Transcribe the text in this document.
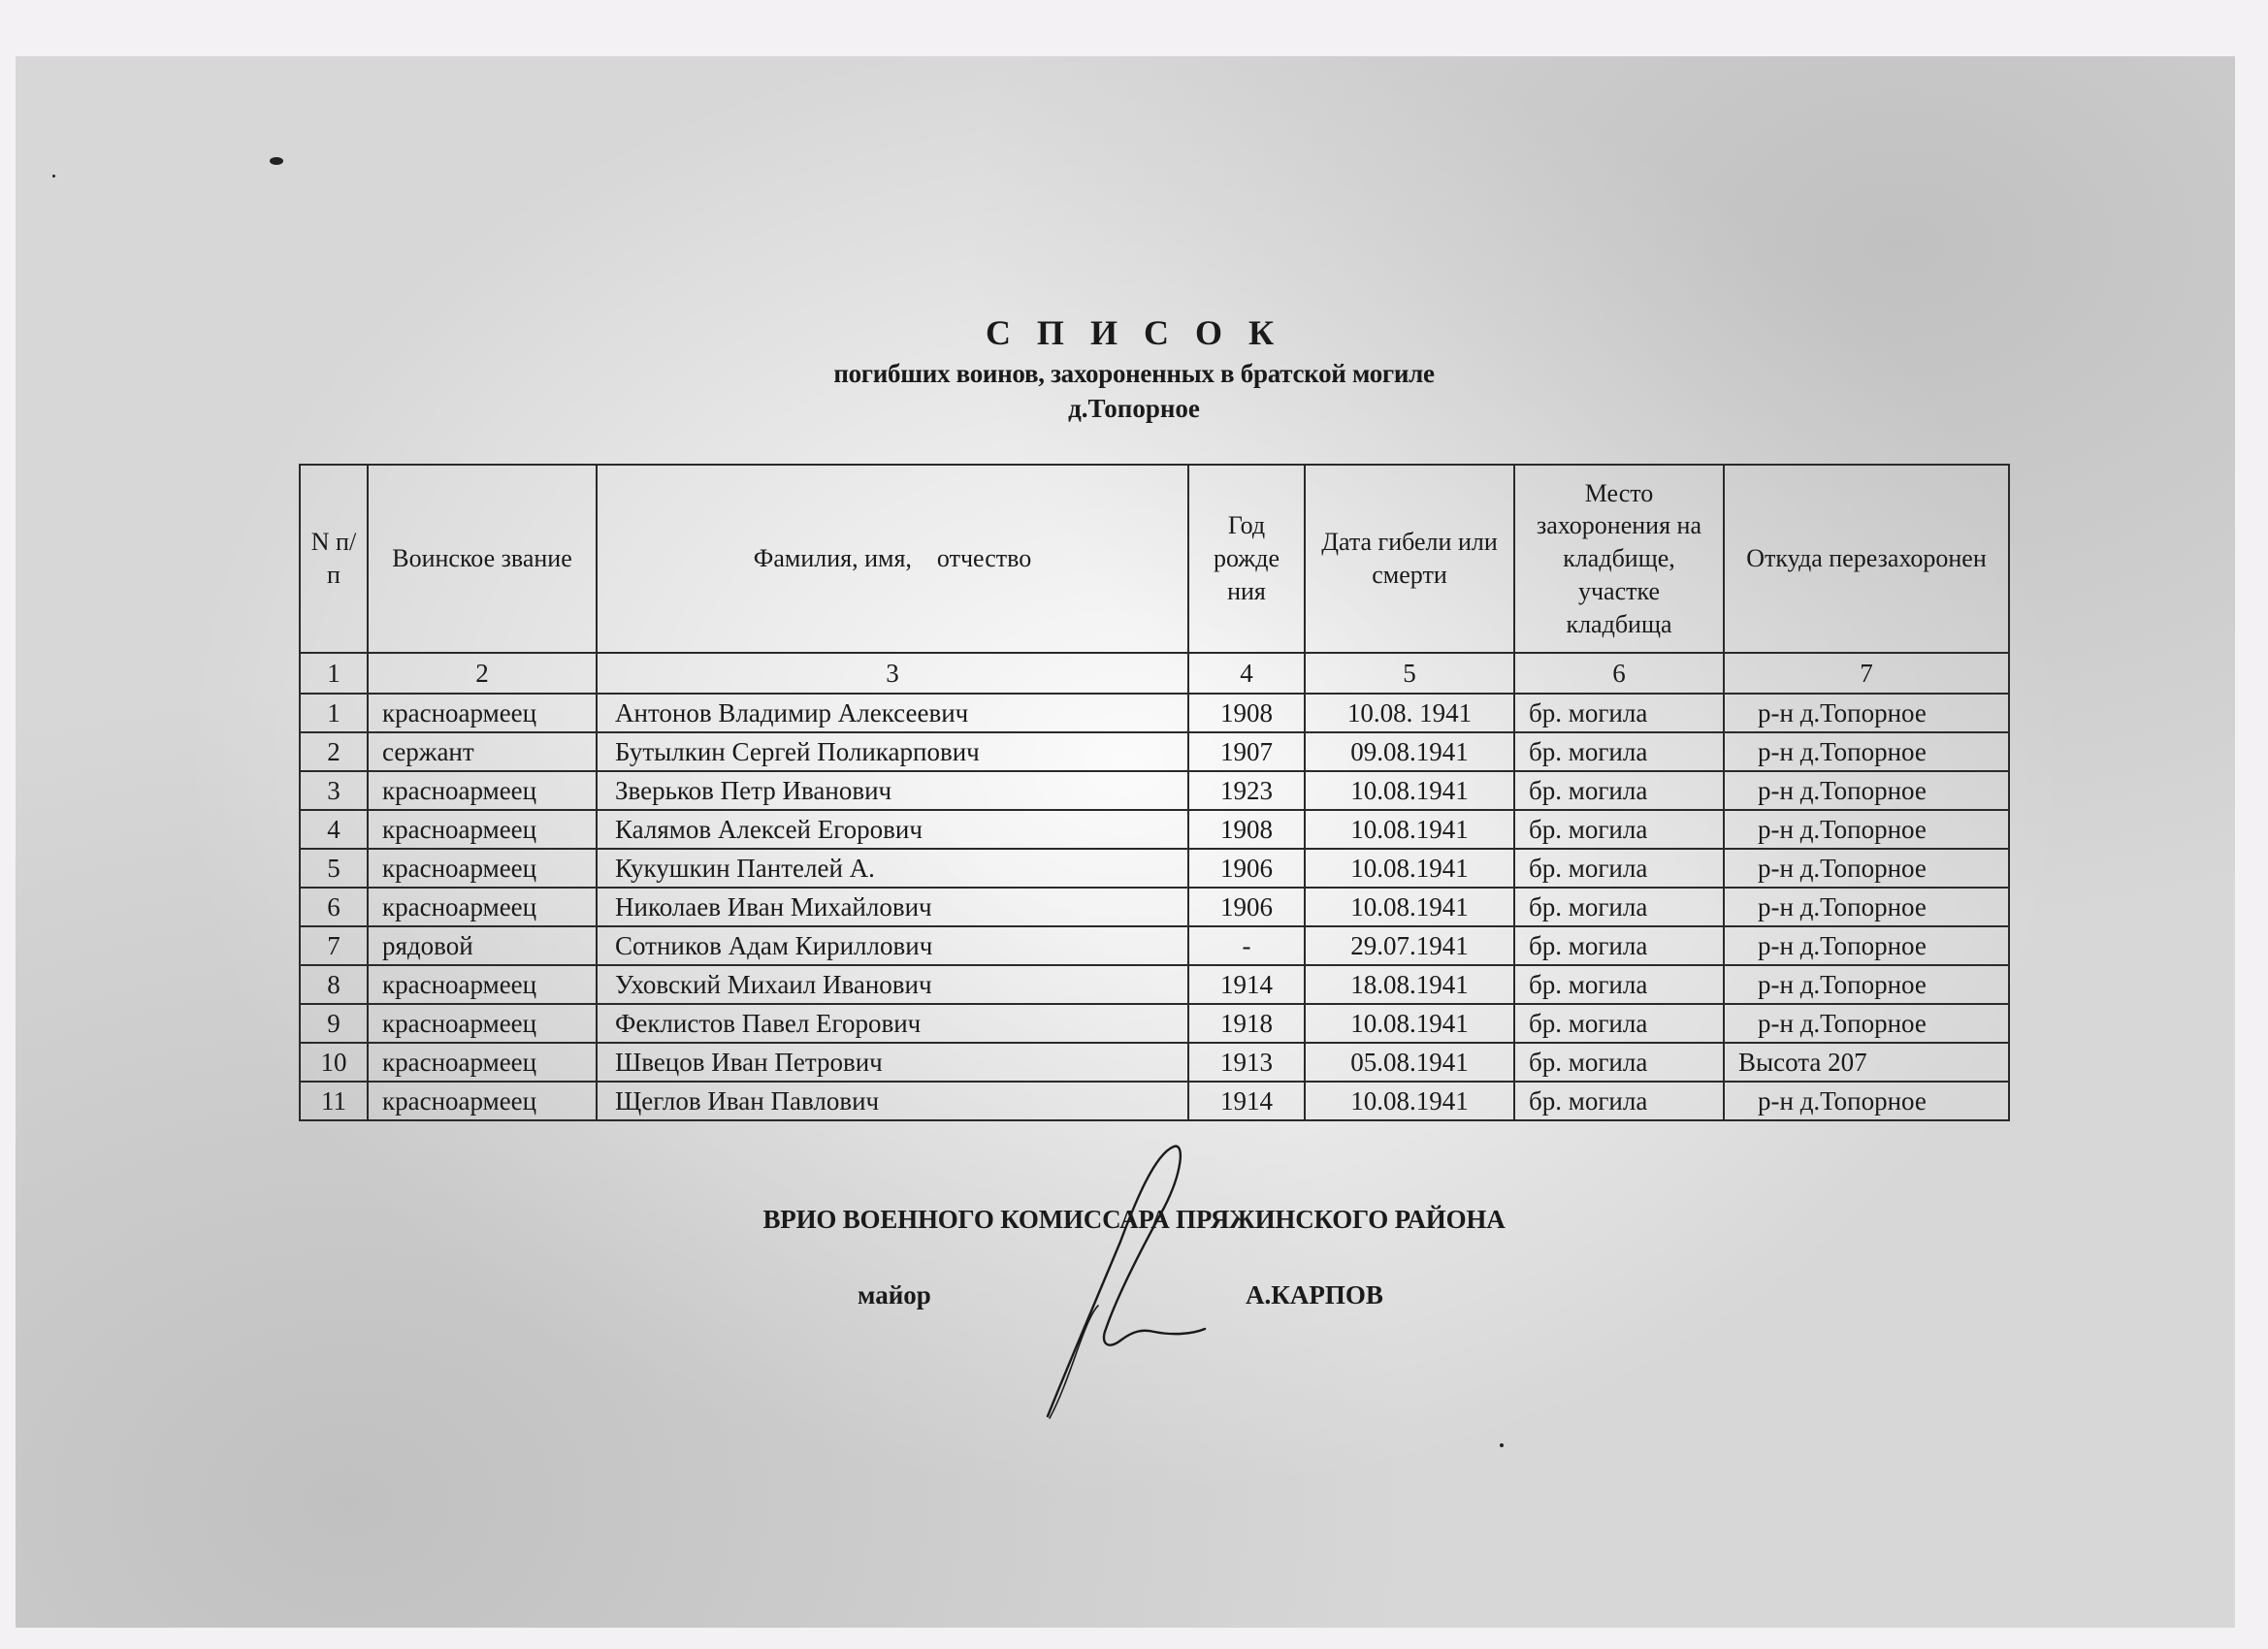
С П И С О К
погибших воинов, захороненных в братской могиле
д.Топорное
N п/п	Воинское звание	Фамилия, имя,    отчество	Год рожде ния	Дата гибели или смерти	Место захоронения на кладбище, участке кладбища	Откуда перезахоронен
1	2	3	4	5	6	7
1	красноармеец	Антонов Владимир Алексеевич	1908	10.08. 1941	бр. могила	р-н д.Топорное
2	сержант	Бутылкин Сергей Поликарпович	1907	09.08.1941	бр. могила	р-н д.Топорное
3	красноармеец	Зверьков Петр Иванович	1923	10.08.1941	бр. могила	р-н д.Топорное
4	красноармеец	Калямов Алексей Егорович	1908	10.08.1941	бр. могила	р-н д.Топорное
5	красноармеец	Кукушкин Пантелей А.	1906	10.08.1941	бр. могила	р-н д.Топорное
6	красноармеец	Николаев Иван Михайлович	1906	10.08.1941	бр. могила	р-н д.Топорное
7	рядовой	Сотников Адам Кириллович	-	29.07.1941	бр. могила	р-н д.Топорное
8	красноармеец	Уховский Михаил Иванович	1914	18.08.1941	бр. могила	р-н д.Топорное
9	красноармеец	Феклистов Павел Егорович	1918	10.08.1941	бр. могила	р-н д.Топорное
10	красноармеец	Швецов Иван Петрович	1913	05.08.1941	бр. могила	Высота 207
11	красноармеец	Щеглов Иван Павлович	1914	10.08.1941	бр. могила	р-н д.Топорное
ВРИО ВОЕННОГО КОМИССАРА ПРЯЖИНСКОГО РАЙОНА
майор	А.КАРПОВ
